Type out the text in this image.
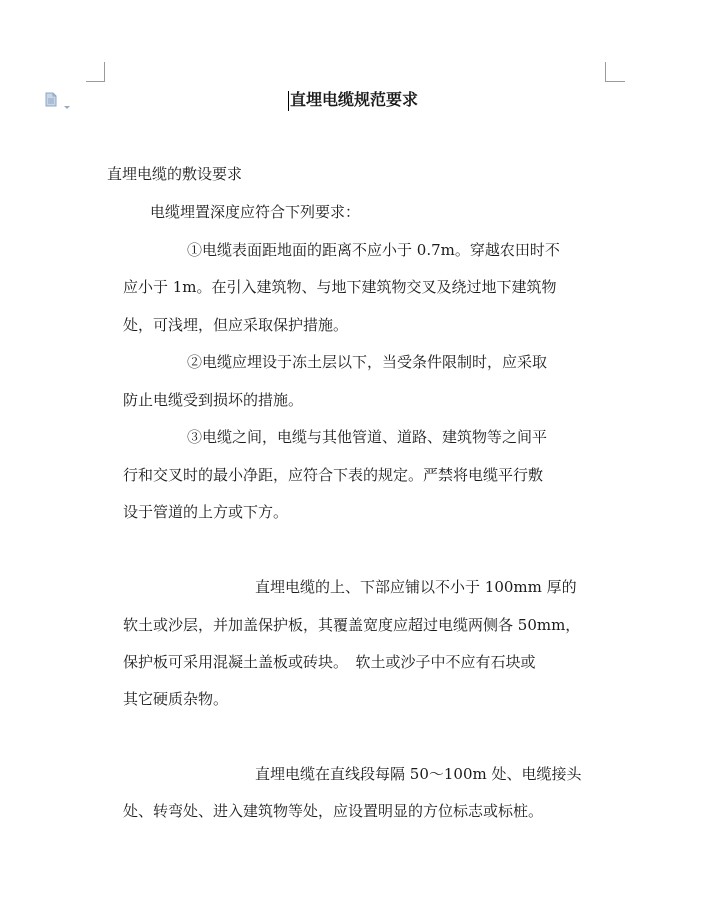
直埋电缆规范要求

直埋电缆的敷设要求

电缆埋置深度应符合下列要求：

①电缆表面距地面的距离不应小于 0.7m。穿越农田时不

应小于 1m。在引入建筑物、与地下建筑物交叉及绕过地下建筑物

处，可浅埋，但应采取保护措施。

②电缆应埋设于冻土层以下，当受条件限制时，应采取

防止电缆受到损坏的措施。

③电缆之间，电缆与其他管道、道路、建筑物等之间平

行和交叉时的最小净距，应符合下表的规定。严禁将电缆平行敷

设于管道的上方或下方。

直埋电缆的上、下部应铺以不小于 100mm 厚的

软土或沙层，并加盖保护板，其覆盖宽度应超过电缆两侧各 50mm，

保护板可采用混凝土盖板或砖块。　软土或沙子中不应有石块或

其它硬质杂物。

直埋电缆在直线段每隔 50～100m 处、电缆接头

处、转弯处、进入建筑物等处，应设置明显的方位标志或标桩。
